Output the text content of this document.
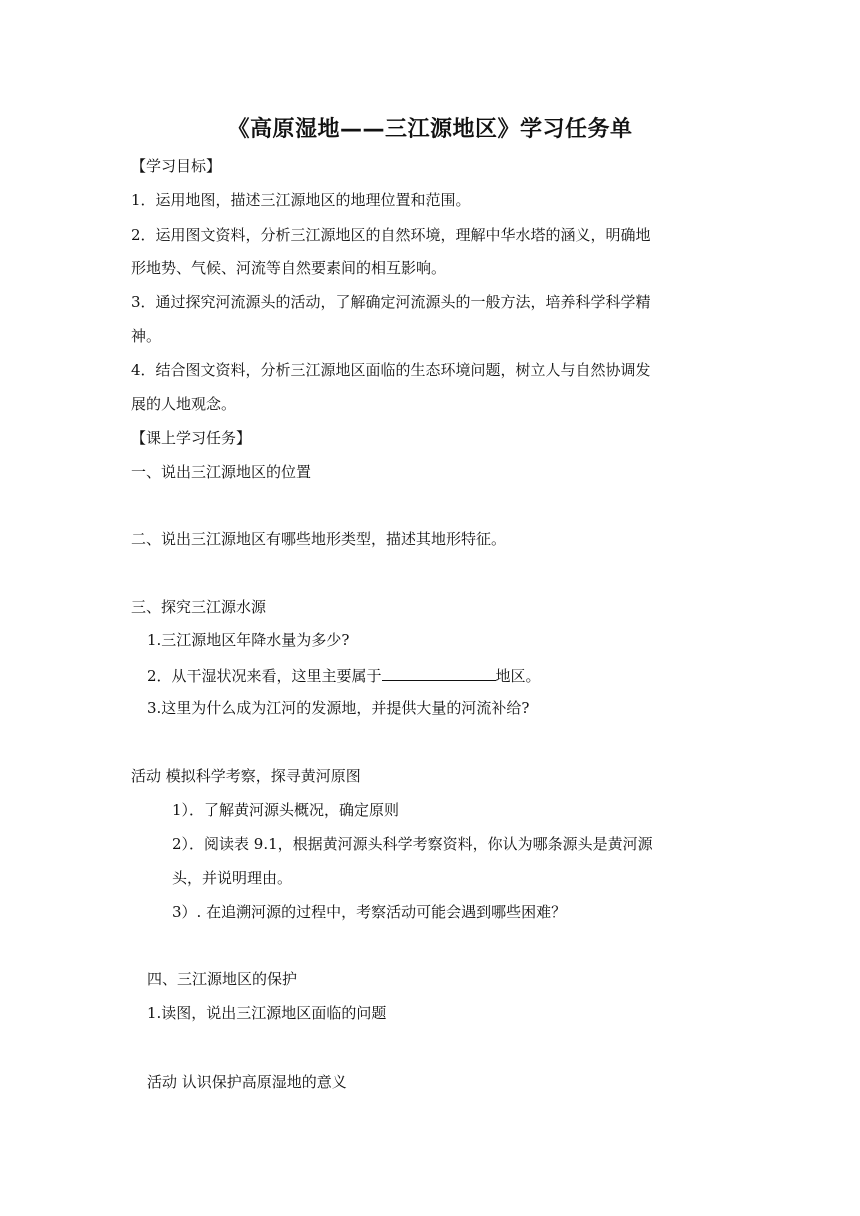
《高原湿地——三江源地区》学习任务单
【学习目标】
1．运用地图，描述三江源地区的地理位置和范围。
2．运用图文资料，分析三江源地区的自然环境，理解中华水塔的涵义，明确地
形地势、气候、河流等自然要素间的相互影响。
3．通过探究河流源头的活动，了解确定河流源头的一般方法，培养科学科学精
神。
4．结合图文资料，分析三江源地区面临的生态环境问题，树立人与自然协调发
展的人地观念。
【课上学习任务】
一、说出三江源地区的位置
二、说出三江源地区有哪些地形类型，描述其地形特征。
三、探究三江源水源
1.三江源地区年降水量为多少?
2．从干湿状况来看，这里主要属于	地区。
3.这里为什么成为江河的发源地，并提供大量的河流补给?
活动 模拟科学考察，探寻黄河原图
1）．了解黄河源头概况，确定原则
2）．阅读表 9.1，根据黄河源头科学考察资料，你认为哪条源头是黄河源
头，并说明理由。
3）. 在追溯河源的过程中，考察活动可能会遇到哪些困难？
四、三江源地区的保护
1.读图，说出三江源地区面临的问题
活动 认识保护高原湿地的意义
